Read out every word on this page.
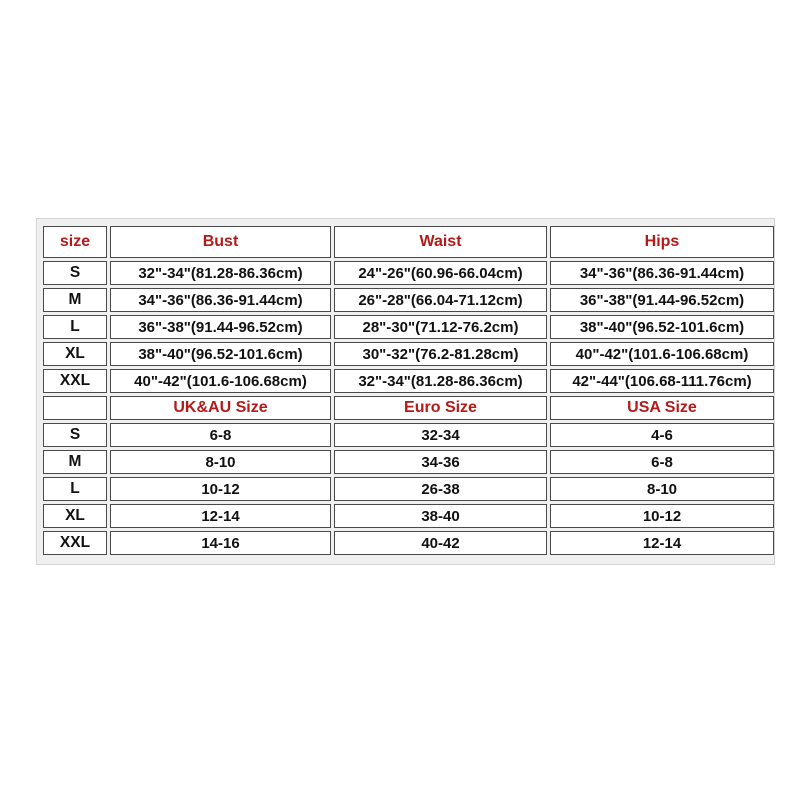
size	Bust	Waist	Hips
S	32"-34"(81.28-86.36cm)	24"-26"(60.96-66.04cm)	34"-36"(86.36-91.44cm)
M	34"-36"(86.36-91.44cm)	26"-28"(66.04-71.12cm)	36"-38"(91.44-96.52cm)
L	36"-38"(91.44-96.52cm)	28"-30"(71.12-76.2cm)	38"-40"(96.52-101.6cm)
XL	38"-40"(96.52-101.6cm)	30"-32"(76.2-81.28cm)	40"-42"(101.6-106.68cm)
XXL	40"-42"(101.6-106.68cm)	32"-34"(81.28-86.36cm)	42"-44"(106.68-111.76cm)
	UK&AU Size	Euro Size	USA Size
S	6-8	32-34	4-6
M	8-10	34-36	6-8
L	10-12	26-38	8-10
XL	12-14	38-40	10-12
XXL	14-16	40-42	12-14
